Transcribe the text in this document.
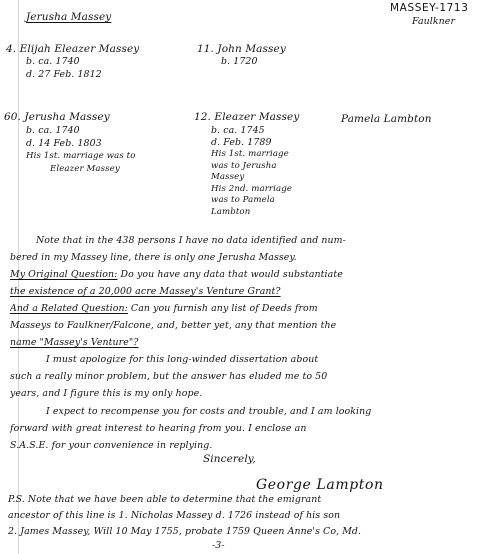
Jerusha Massey
MASSEY-1713
Faulkner
4. Elijah Eleazer Massey
b. ca. 1740
d. 27 Feb. 1812
11. John Massey
b. 1720
60. Jerusha Massey
b. ca. 1740
d. 14 Feb. 1803
His 1st. marriage was to
Eleazer Massey
12. Eleazer Massey
b. ca. 1745
d. Feb. 1789
His 1st. marriage
was to Jerusha
Massey
His 2nd. marriage
was to Pamela
Lambton
Pamela Lambton
Note that in the 438 persons I have no data identified and num-
bered in my Massey line, there is only one Jerusha Massey.
My Original Question: Do you have any data that would substantiate
the existence of a 20,000 acre Massey's Venture Grant?
And a Related Question: Can you furnish any list of Deeds from
Masseys to Faulkner/Falcone, and, better yet, any that mention the
name "Massey's Venture"?
I must apologize for this long-winded dissertation about
such a really minor problem, but the answer has eluded me to 50
years, and I figure this is my only hope.
I expect to recompense you for costs and trouble, and I am looking
forward with great interest to hearing from you. I enclose an
S.A.S.E. for your convenience in replying.
Sincerely,
George Lampton
P.S. Note that we have been able to determine that the emigrant
ancestor of this line is 1. Nicholas Massey d. 1726 instead of his son
2. James Massey, Will 10 May 1755, probate 1759 Queen Anne's Co, Md.
-3-
